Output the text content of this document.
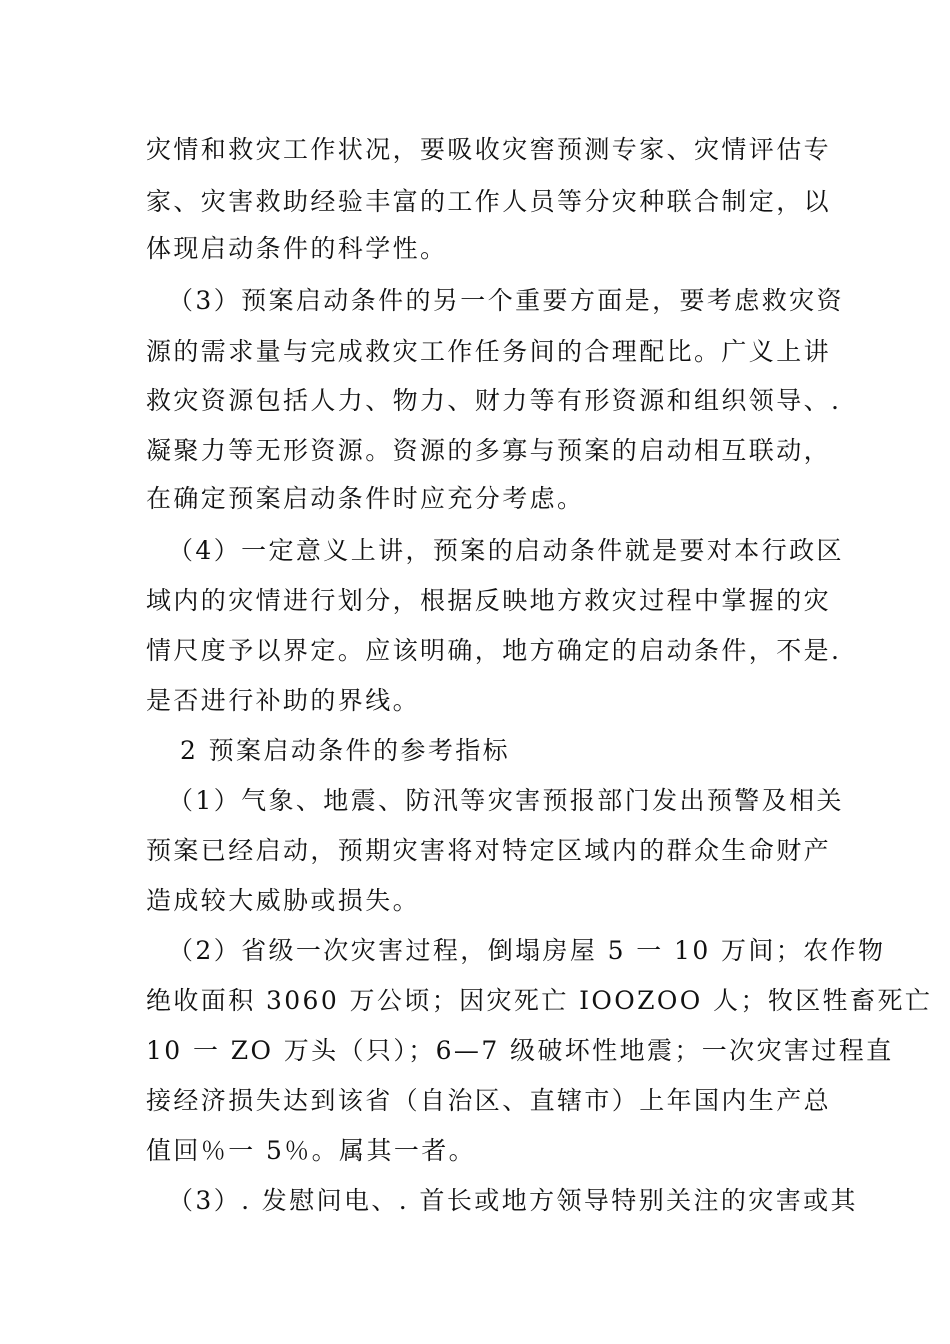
灾情和救灾工作状况，要吸收灾窖预测专家、灾情评估专
家、灾害救助经验丰富的工作人员等分灾种联合制定，以
体现启动条件的科学性。
（3）预案启动条件的另一个重要方面是，要考虑救灾资
源的需求量与完成救灾工作任务间的合理配比。广义上讲
救灾资源包括人力、物力、财力等有形资源和组织领导、.
凝聚力等无形资源。资源的多寡与预案的启动相互联动，
在确定预案启动条件时应充分考虑。
（4）一定意义上讲，预案的启动条件就是要对本行政区
域内的灾情进行划分，根据反映地方救灾过程中掌握的灾
情尺度予以界定。应该明确，地方确定的启动条件，不是.
是否进行补助的界线。
2 预案启动条件的参考指标
（1）气象、地震、防汛等灾害预报部门发出预警及相关
预案已经启动，预期灾害将对特定区域内的群众生命财产
造成较大威胁或损失。
（2）省级一次灾害过程，倒塌房屋 5 一 10 万间；农作物
绝收面积 3060 万公顷；因灾死亡 IOOZOO 人；牧区牲畜死亡
10 一 ZO 万头（只）；6—7 级破坏性地震；一次灾害过程直
接经济损失达到该省（自治区、直辖市）上年国内生产总
值回％一 5％。属其一者。
（3）. 发慰问电、. 首长或地方领导特别关注的灾害或其
